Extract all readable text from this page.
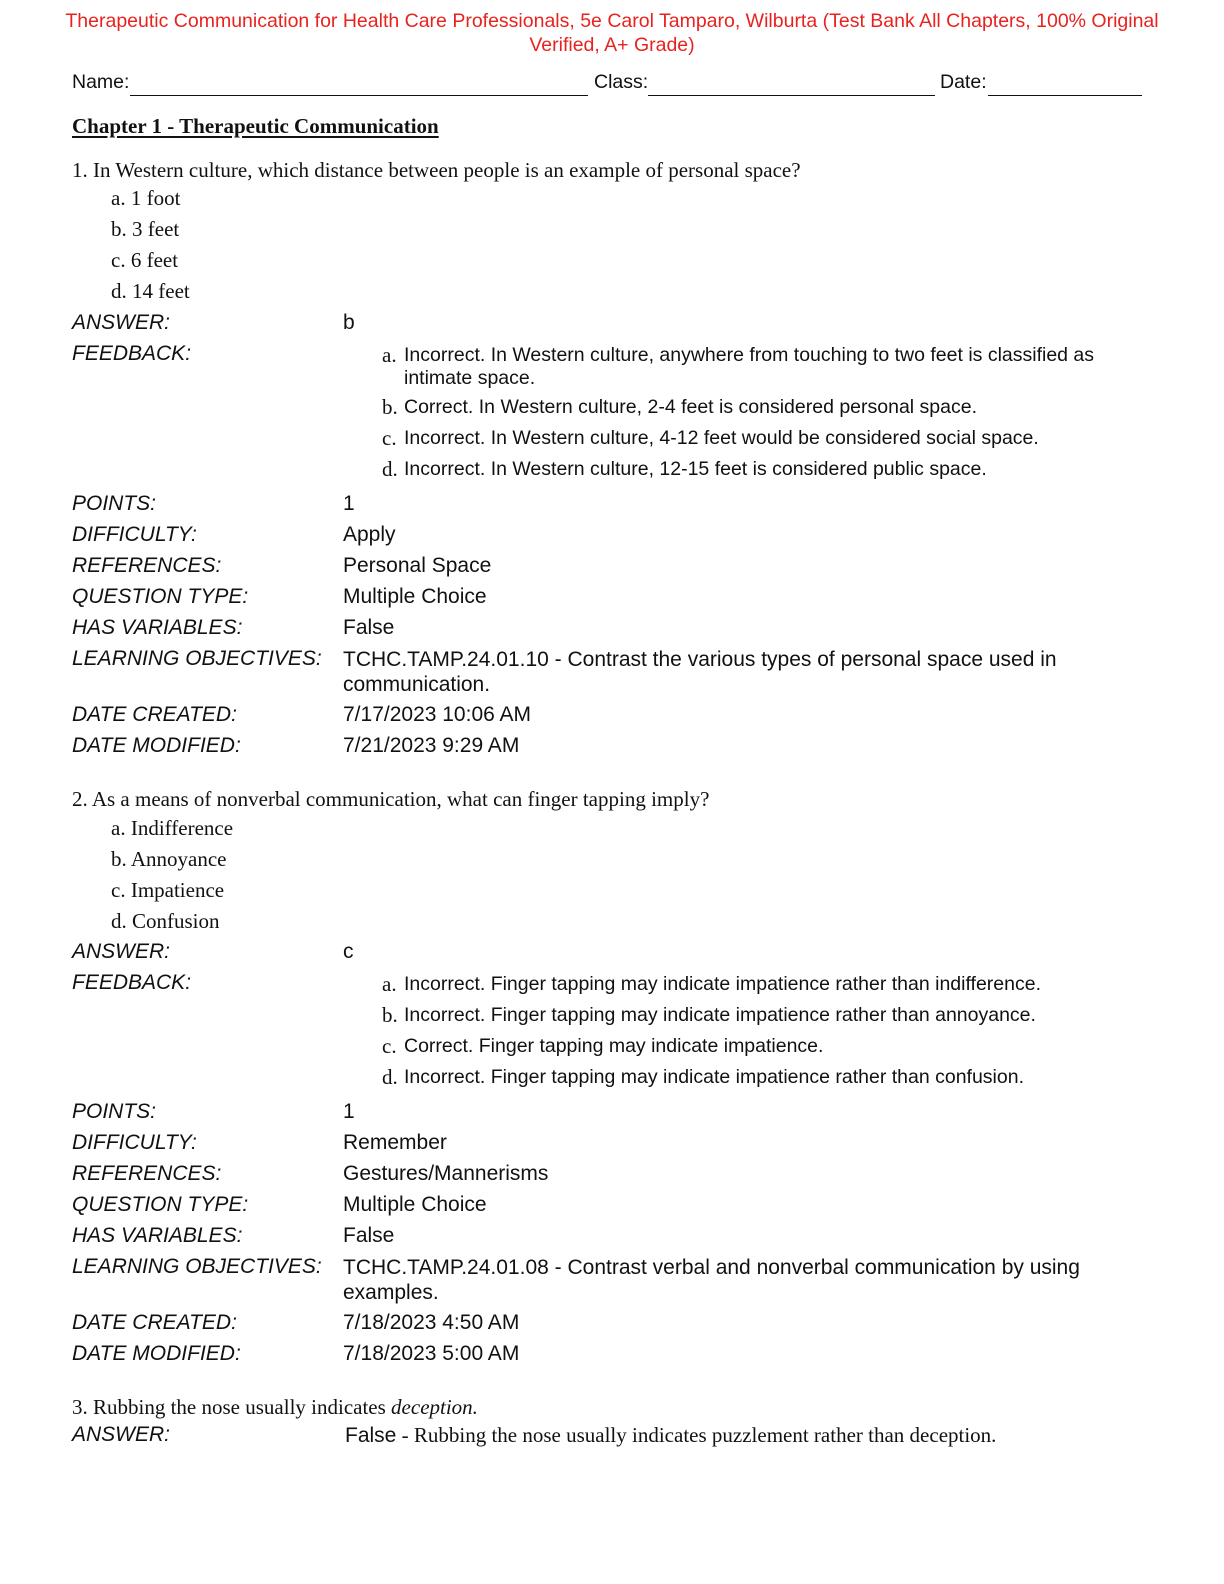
Therapeutic Communication for Health Care Professionals, 5e Carol Tamparo, Wilburta (Test Bank All Chapters, 100% Original
Verified, A+ Grade)
Name:	Class:	Date:
Chapter 1 - Therapeutic Communication
1. In Western culture, which distance between people is an example of personal space?
a. 1 foot
b. 3 feet
c. 6 feet
d. 14 feet
ANSWER:	b
FEEDBACK:	a. Incorrect. In Western culture, anywhere from touching to two feet is classified as intimate space.
b. Correct. In Western culture, 2-4 feet is considered personal space.
c. Incorrect. In Western culture, 4-12 feet would be considered social space.
d. Incorrect. In Western culture, 12-15 feet is considered public space.
POINTS:	1
DIFFICULTY:	Apply
REFERENCES:	Personal Space
QUESTION TYPE:	Multiple Choice
HAS VARIABLES:	False
LEARNING OBJECTIVES: TCHC.TAMP.24.01.10 - Contrast the various types of personal space used in communication.
DATE CREATED:	7/17/2023 10:06 AM
DATE MODIFIED:	7/21/2023 9:29 AM
2. As a means of nonverbal communication, what can finger tapping imply?
a. Indifference
b. Annoyance
c. Impatience
d. Confusion
ANSWER:	c
FEEDBACK:	a. Incorrect. Finger tapping may indicate impatience rather than indifference.
b. Incorrect. Finger tapping may indicate impatience rather than annoyance.
c. Correct. Finger tapping may indicate impatience.
d. Incorrect. Finger tapping may indicate impatience rather than confusion.
POINTS:	1
DIFFICULTY:	Remember
REFERENCES:	Gestures/Mannerisms
QUESTION TYPE:	Multiple Choice
HAS VARIABLES:	False
LEARNING OBJECTIVES: TCHC.TAMP.24.01.08 - Contrast verbal and nonverbal communication by using examples.
DATE CREATED:	7/18/2023 4:50 AM
DATE MODIFIED:	7/18/2023 5:00 AM
3. Rubbing the nose usually indicates deception.
ANSWER:	False - Rubbing the nose usually indicates puzzlement rather than deception.
